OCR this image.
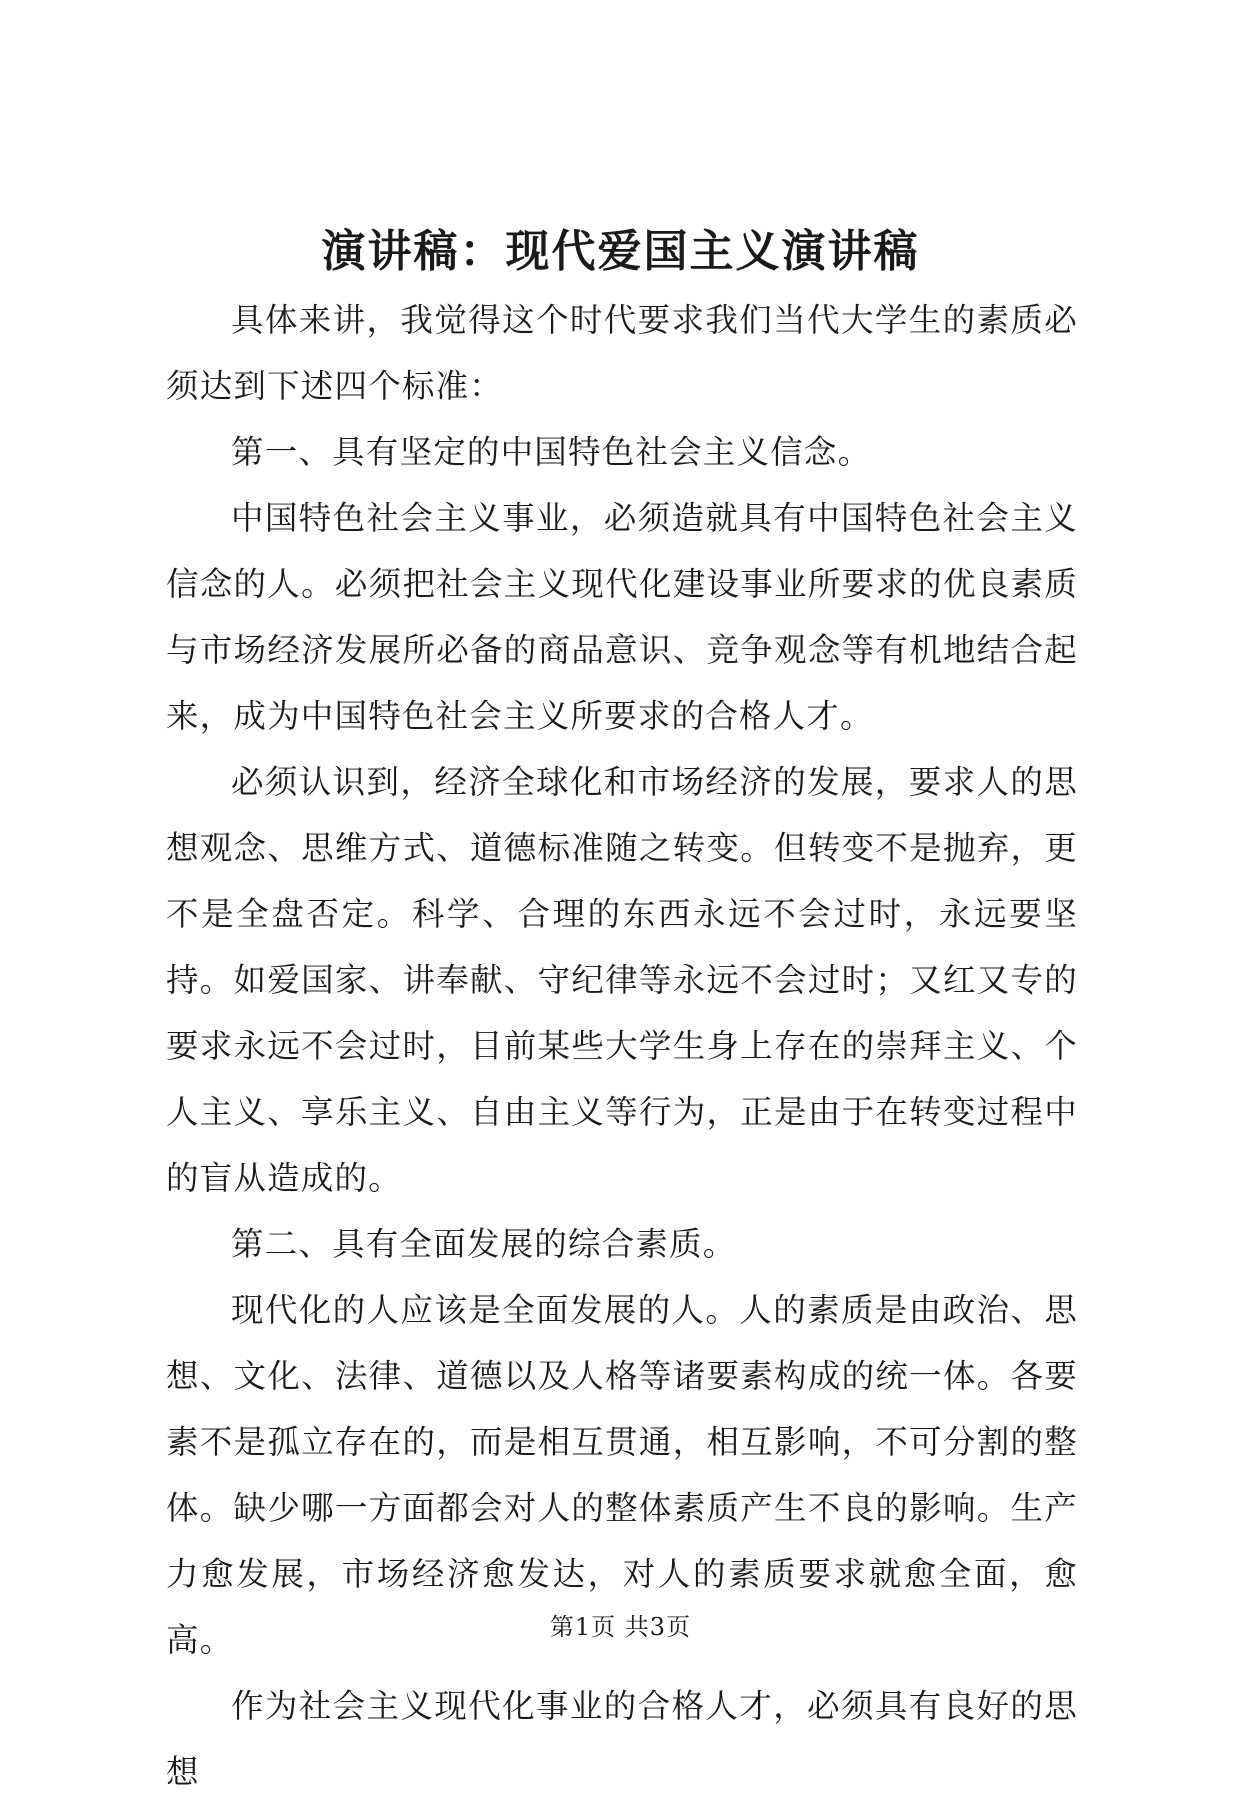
演讲稿：现代爱国主义演讲稿

具体来讲，我觉得这个时代要求我们当代大学生的素质必须达到下述四个标准：

第一、具有坚定的中国特色社会主义信念。

中国特色社会主义事业，必须造就具有中国特色社会主义信念的人。必须把社会主义现代化建设事业所要求的优良素质与市场经济发展所必备的商品意识、竞争观念等有机地结合起来，成为中国特色社会主义所要求的合格人才。

必须认识到，经济全球化和市场经济的发展，要求人的思想观念、思维方式、道德标准随之转变。但转变不是抛弃，更不是全盘否定。科学、合理的东西永远不会过时，永远要坚持。如爱国家、讲奉献、守纪律等永远不会过时；又红又专的要求永远不会过时，目前某些大学生身上存在的崇拜主义、个人主义、享乐主义、自由主义等行为，正是由于在转变过程中的盲从造成的。

第二、具有全面发展的综合素质。

现代化的人应该是全面发展的人。人的素质是由政治、思想、文化、法律、道德以及人格等诸要素构成的统一体。各要素不是孤立存在的，而是相互贯通，相互影响，不可分割的整体。缺少哪一方面都会对人的整体素质产生不良的影响。生产力愈发展，市场经济愈发达，对人的素质要求就愈全面，愈高。

作为社会主义现代化事业的合格人才，必须具有良好的思想

第1页 共3页
